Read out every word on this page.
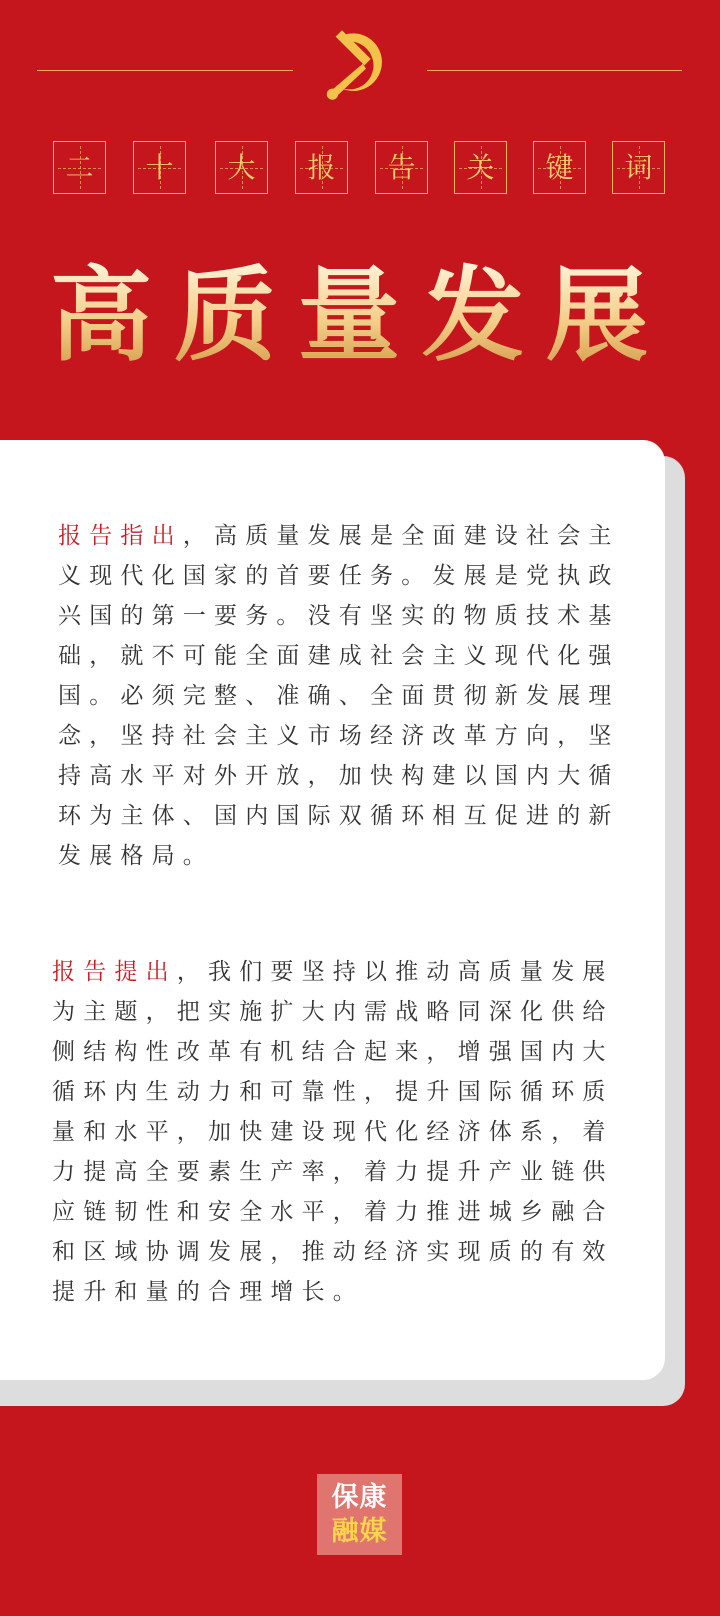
二 十 大 报 告 关 键 词
高质量发展

报告指出，高质量发展是全面建设社会主义现代化国家的首要任务。发展是党执政兴国的第一要务。没有坚实的物质技术基础，就不可能全面建成社会主义现代化强国。必须完整、准确、全面贯彻新发展理念，坚持社会主义市场经济改革方向，坚持高水平对外开放，加快构建以国内大循环为主体、国内国际双循环相互促进的新发展格局。

报告提出，我们要坚持以推动高质量发展为主题，把实施扩大内需战略同深化供给侧结构性改革有机结合起来，增强国内大循环内生动力和可靠性，提升国际循环质量和水平，加快建设现代化经济体系，着力提高全要素生产率，着力提升产业链供应链韧性和安全水平，着力推进城乡融合和区域协调发展，推动经济实现质的有效提升和量的合理增长。

保康
融媒
